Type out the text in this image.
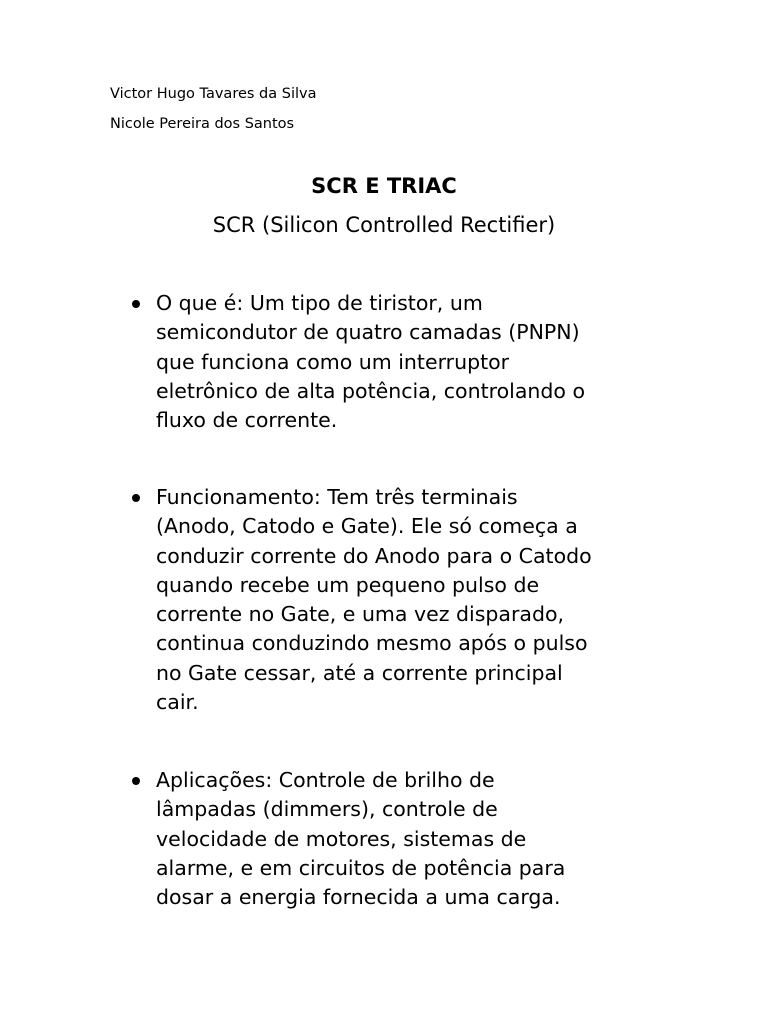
Victor Hugo Tavares da Silva
Nicole Pereira dos Santos
SCR E TRIAC
SCR (Silicon Controlled Rectifier)
O que é: Um tipo de tiristor, um
semicondutor de quatro camadas (PNPN)
que funciona como um interruptor
eletrônico de alta potência, controlando o
fluxo de corrente.
Funcionamento: Tem três terminais
(Anodo, Catodo e Gate). Ele só começa a
conduzir corrente do Anodo para o Catodo
quando recebe um pequeno pulso de
corrente no Gate, e uma vez disparado,
continua conduzindo mesmo após o pulso
no Gate cessar, até a corrente principal
cair.
Aplicações: Controle de brilho de
lâmpadas (dimmers), controle de
velocidade de motores, sistemas de
alarme, e em circuitos de potência para
dosar a energia fornecida a uma carga.
